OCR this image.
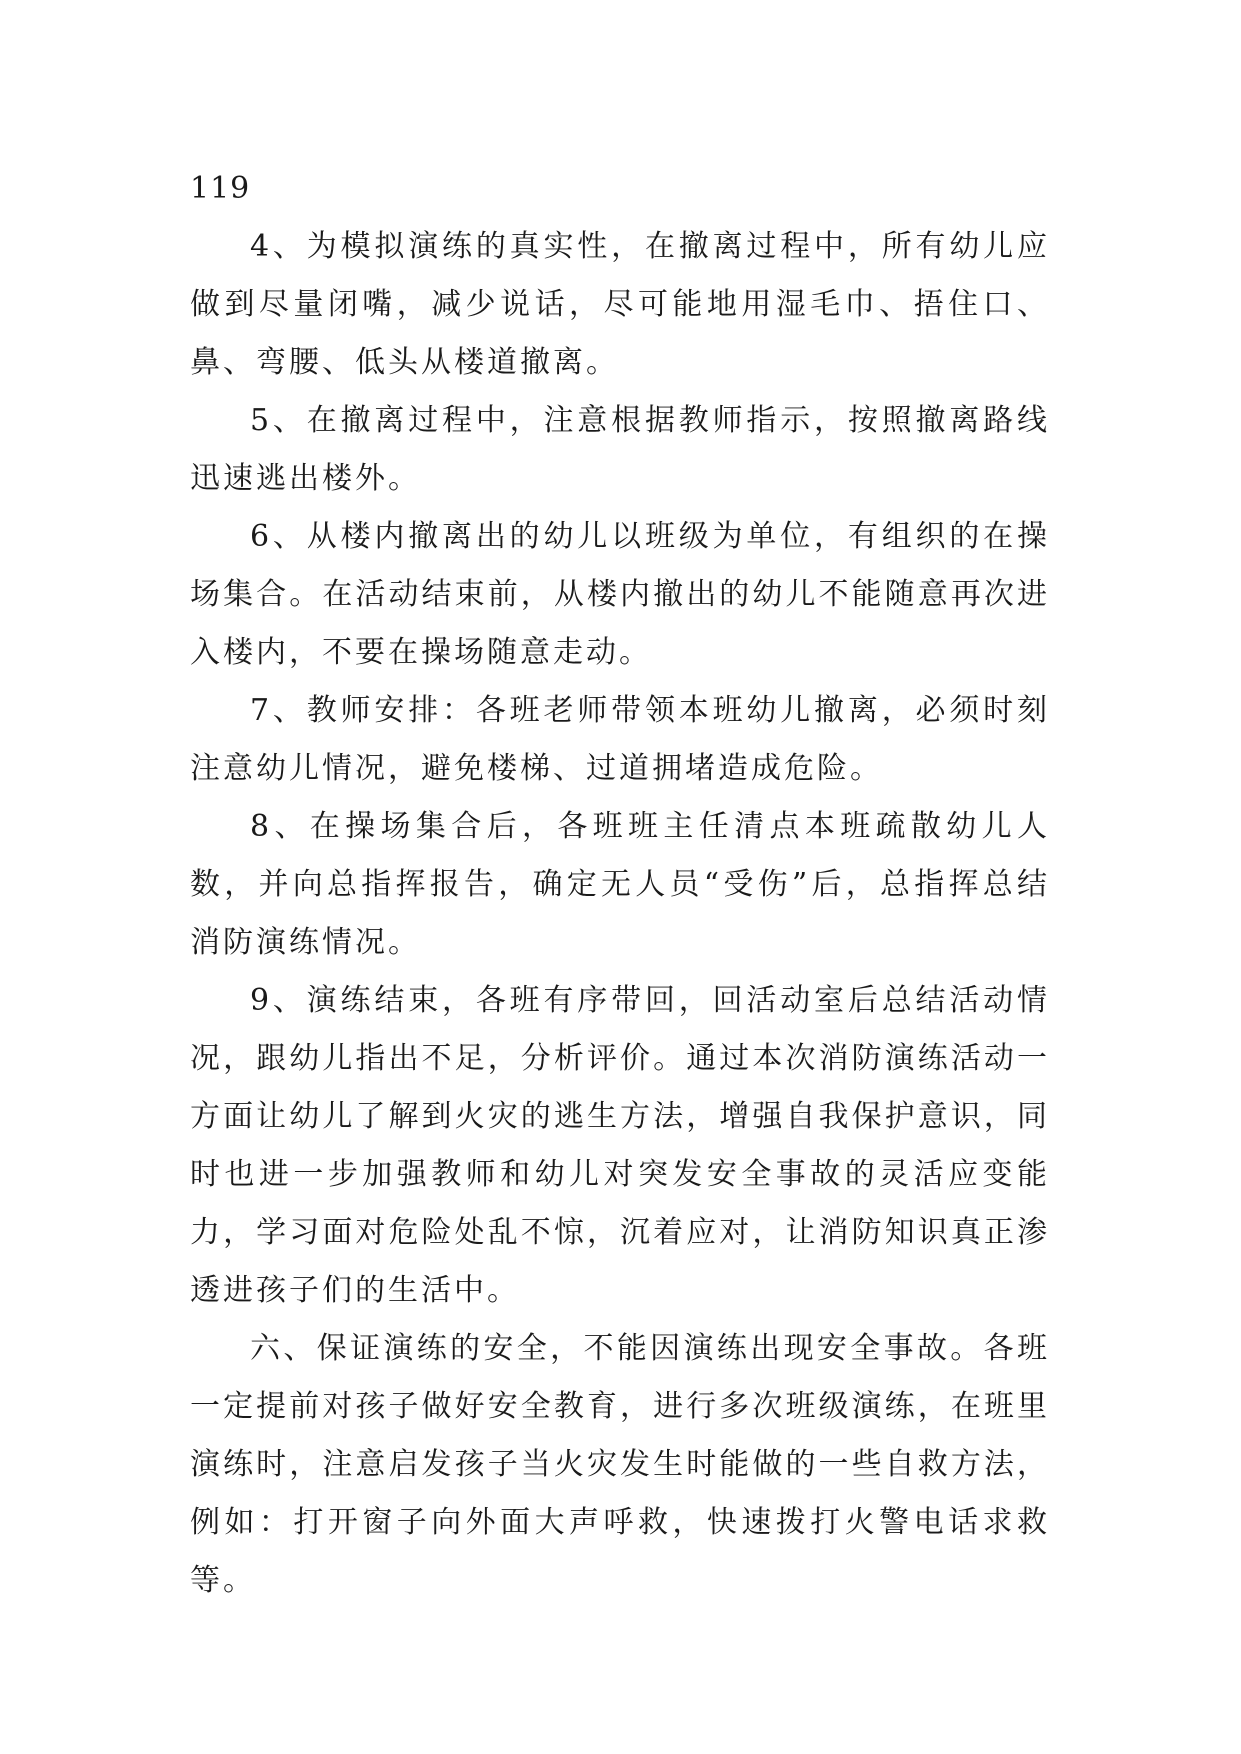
119

4、为模拟演练的真实性，在撤离过程中，所有幼儿应做到尽量闭嘴，减少说话，尽可能地用湿毛巾、捂住口、鼻、弯腰、低头从楼道撤离。

5、在撤离过程中，注意根据教师指示，按照撤离路线迅速逃出楼外。

6、从楼内撤离出的幼儿以班级为单位，有组织的在操场集合。在活动结束前，从楼内撤出的幼儿不能随意再次进入楼内，不要在操场随意走动。

7、教师安排：各班老师带领本班幼儿撤离，必须时刻注意幼儿情况，避免楼梯、过道拥堵造成危险。

8、在操场集合后，各班班主任清点本班疏散幼儿人数，并向总指挥报告，确定无人员“受伤”后，总指挥总结消防演练情况。

9、演练结束，各班有序带回，回活动室后总结活动情况，跟幼儿指出不足，分析评价。通过本次消防演练活动一方面让幼儿了解到火灾的逃生方法，增强自我保护意识，同时也进一步加强教师和幼儿对突发安全事故的灵活应变能力，学习面对危险处乱不惊，沉着应对，让消防知识真正渗透进孩子们的生活中。

六、保证演练的安全，不能因演练出现安全事故。各班一定提前对孩子做好安全教育，进行多次班级演练，在班里演练时，注意启发孩子当火灾发生时能做的一些自救方法，例如：打开窗子向外面大声呼救，快速拨打火警电话求救等。
